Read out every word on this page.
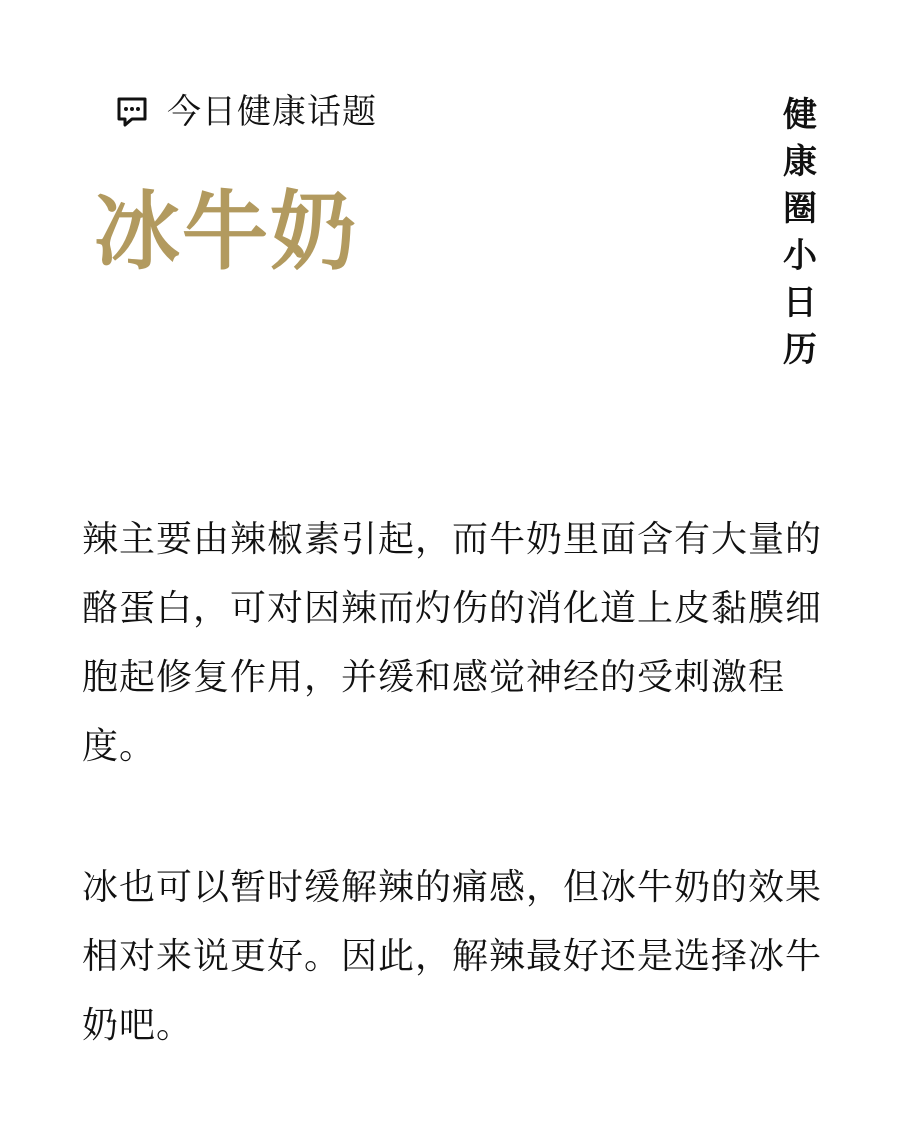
今日健康话题
冰牛奶
健
康
圈
小
日
历

辣主要由辣椒素引起，而牛奶里面含有大量的酪蛋白，可对因辣而灼伤的消化道上皮黏膜细胞起修复作用，并缓和感觉神经的受刺激程度。

冰也可以暂时缓解辣的痛感，但冰牛奶的效果相对来说更好。因此，解辣最好还是选择冰牛奶吧。
